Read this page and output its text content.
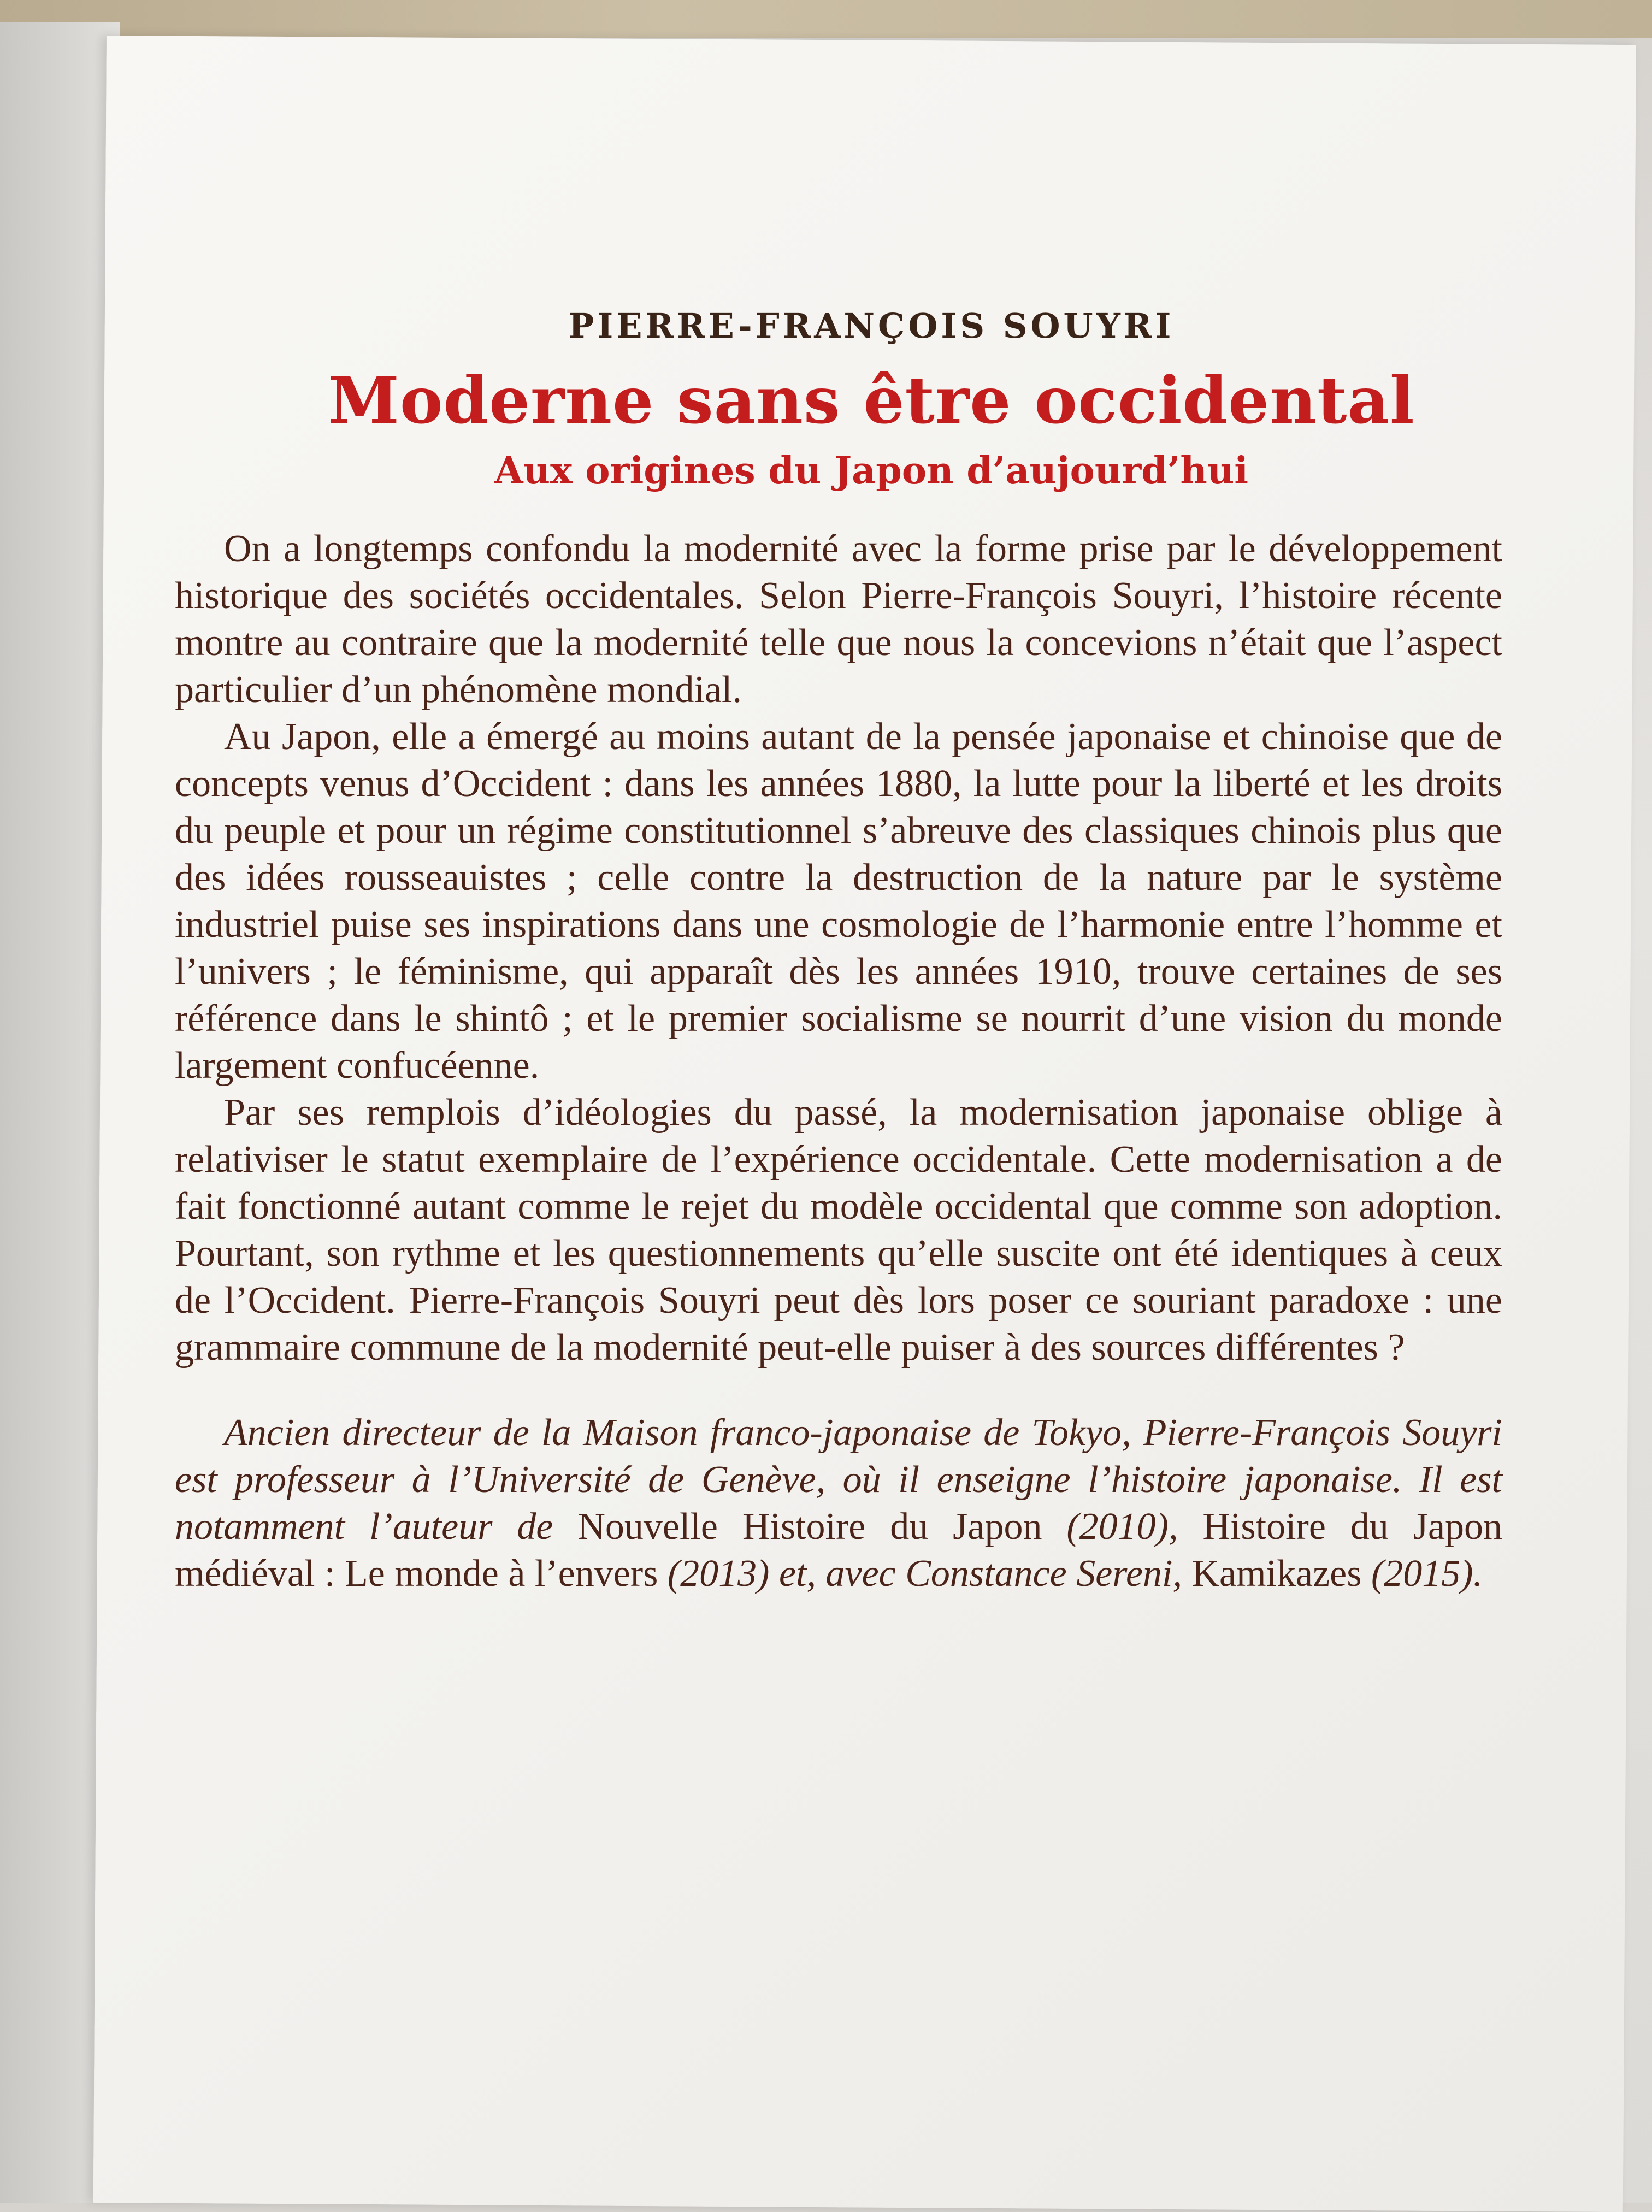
PIERRE-FRANÇOIS SOUYRI
Moderne sans être occidental
Aux origines du Japon d’aujourd’hui

On a longtemps confondu la modernité avec la forme prise par le développement historique des sociétés occidentales. Selon Pierre-François Souyri, l’histoire récente montre au contraire que la modernité telle que nous la concevions n’était que l’aspect particulier d’un phénomène mondial.

Au Japon, elle a émergé au moins autant de la pensée japonaise et chinoise que de concepts venus d’Occident : dans les années 1880, la lutte pour la liberté et les droits du peuple et pour un régime constitutionnel s’abreuve des classiques chinois plus que des idées rousseauistes ; celle contre la destruction de la nature par le système industriel puise ses inspirations dans une cosmologie de l’harmonie entre l’homme et l’univers ; le féminisme, qui apparaît dès les années 1910, trouve certaines de ses référence dans le shintô ; et le premier socialisme se nourrit d’une vision du monde largement confucéenne.

Par ses remplois d’idéologies du passé, la modernisation japonaise oblige à relativiser le statut exemplaire de l’expérience occidentale. Cette modernisation a de fait fonctionné autant comme le rejet du modèle occidental que comme son adoption. Pourtant, son rythme et les questionnements qu’elle suscite ont été identiques à ceux de l’Occident. Pierre-François Souyri peut dès lors poser ce souriant paradoxe : une grammaire commune de la modernité peut-elle puiser à des sources différentes ?

Ancien directeur de la Maison franco-japonaise de Tokyo, Pierre-François Souyri est professeur à l’Université de Genève, où il enseigne l’histoire japonaise. Il est notamment l’auteur de Nouvelle Histoire du Japon (2010), Histoire du Japon médiéval : Le monde à l’envers (2013) et, avec Constance Sereni, Kamikazes (2015).
